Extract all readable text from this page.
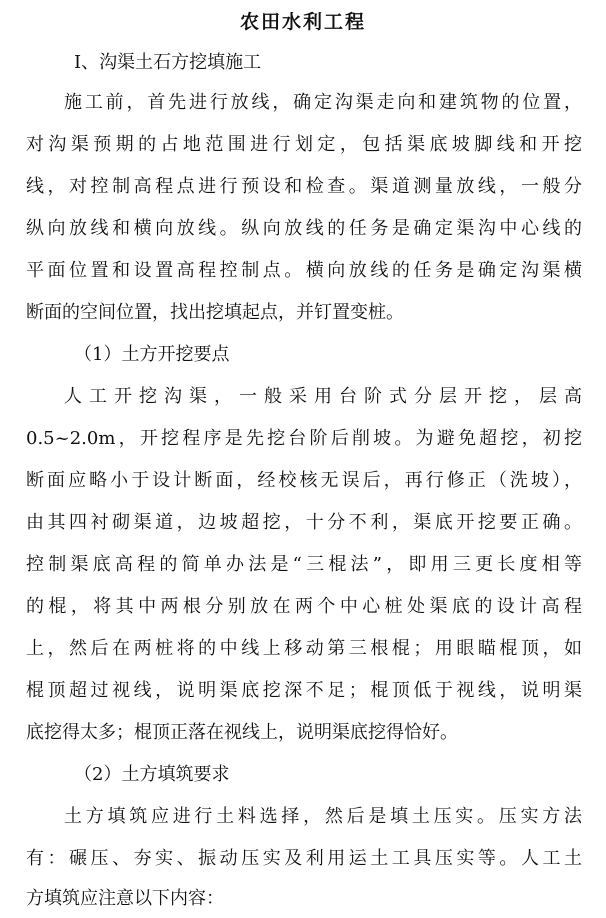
农田水利工程
Ⅰ、沟渠土石方挖填施工
施工前，首先进行放线，确定沟渠走向和建筑物的位置，
对沟渠预期的占地范围进行划定，包括渠底坡脚线和开挖
线，对控制高程点进行预设和检查。渠道测量放线，一般分
纵向放线和横向放线。纵向放线的任务是确定渠沟中心线的
平面位置和设置高程控制点。横向放线的任务是确定沟渠横
断面的空间位置，找出挖填起点，并钉置变桩。
（1）土方开挖要点
人工开挖沟渠，一般采用台阶式分层开挖，层高
0.5~2.0m，开挖程序是先挖台阶后削坡。为避免超挖，初挖
断面应略小于设计断面，经校核无误后，再行修正（洗坡），
由其四衬砌渠道，边坡超挖，十分不利，渠底开挖要正确。
控制渠底高程的简单办法是“三棍法”，即用三更长度相等
的棍，将其中两根分别放在两个中心桩处渠底的设计高程
上，然后在两桩将的中线上移动第三根棍；用眼瞄棍顶，如
棍顶超过视线，说明渠底挖深不足；棍顶低于视线，说明渠
底挖得太多；棍顶正落在视线上，说明渠底挖得恰好。
（2）土方填筑要求
土方填筑应进行土料选择，然后是填土压实。压实方法
有：碾压、夯实、振动压实及利用运土工具压实等。人工土
方填筑应注意以下内容：
